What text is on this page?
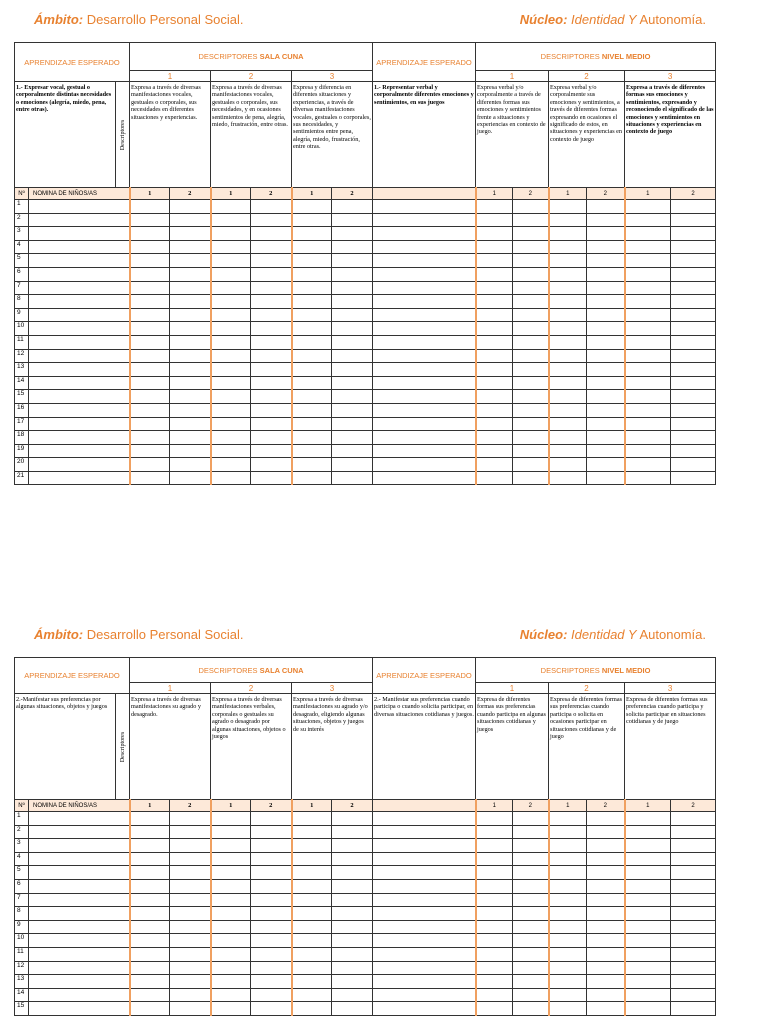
Ámbito: Desarrollo Personal Social.	Núcleo: Identidad Y Autonomía.
APRENDIZAJE ESPERADO			DESCRIPTORES SALA CUNA						APRENDIZAJE ESPERADO	DESCRIPTORES NIVEL MEDIO					
			1		2		3			1		2		3	
1.- Expresar vocal, gestual o corporalmente distintas necesidades o emociones (alegría, miedo, pena, entre otras).		Descriptores	Expresa a través de diversas manifestaciones vocales, gestuales o corporales, sus necesidades en diferentes situaciones y experiencias.		Expresa a través de diversas manifestaciones vocales, gestuales o corporales, sus necesidades, y en ocasiones sentimientos de pena, alegría, miedo, frustración, entre otras.		Expresa y diferencia en diferentes situaciones y experiencias, a través de diversas manifestaciones vocales, gestuales o corporales, sus necesidades, y sentimientos entre pena, alegría, miedo, frustración, entre otras.		1.- Representar verbal y corporalmente diferentes emociones y sentimientos, en sus juegos	Expresa verbal y/o corporalmente a través de diferentes formas sus emociones y sentimientos frente a situaciones y experiencias en contexto de juego.		Expresa verbal y/o corporalmente sus emociones y sentimientos, a través de diferentes formas expresando en ocasiones el significado de estos, en situaciones y experiencias en contexto de juego		Expresa a través de diferentes formas sus emociones y sentimientos, expresando y reconociendo el significado de las emociones y sentimientos en situaciones y experiencias en contexto de juego	
Nº	NOMINA DE NIÑOS/AS		1	2	1	2	1	2		1	2	1	2	1	2
1															
2															
3															
4															
5															
6															
7															
8															
9															
10															
11															
12															
13															
14															
15															
16															
17															
18															
19															
20															
21															
Ámbito: Desarrollo Personal Social.	Núcleo: Identidad Y Autonomía.
APRENDIZAJE ESPERADO			DESCRIPTORES SALA CUNA						APRENDIZAJE ESPERADO	DESCRIPTORES NIVEL MEDIO					
			1		2		3			1		2		3	
2.-Manifestar sus preferencias por algunas situaciones, objetos y juegos		Descriptores	Expresa a través de diversas manifestaciones su agrado y desagrado.		Expresa a través de diversas manifestaciones verbales, corporales o gestuales su agrado o desagrado por algunas situaciones, objetos o juegos		Expresa a través de diversas manifestaciones su agrado y/o desagrado, eligiendo algunas situaciones, objetos y juegos de su interés		2.- Manifestar sus preferencias cuando participa o cuando solicita participar, en diversas situaciones cotidianas y juegos.	Expresa de diferentes formas sus preferencias cuando participa en algunas situaciones cotidianas y juegos		Expresa de diferentes formas sus preferencias cuando participa o solicita en ocasiones participar en situaciones cotidianas y de juego		Expresa de diferentes formas sus preferencias cuando participa y solicita participar en situaciones cotidianas y de juego	
Nº	NOMINA DE NIÑOS/AS		1	2	1	2	1	2		1	2	1	2	1	2
1															
2															
3															
4															
5															
6															
7															
8															
9															
10															
11															
12															
13															
14															
15															
